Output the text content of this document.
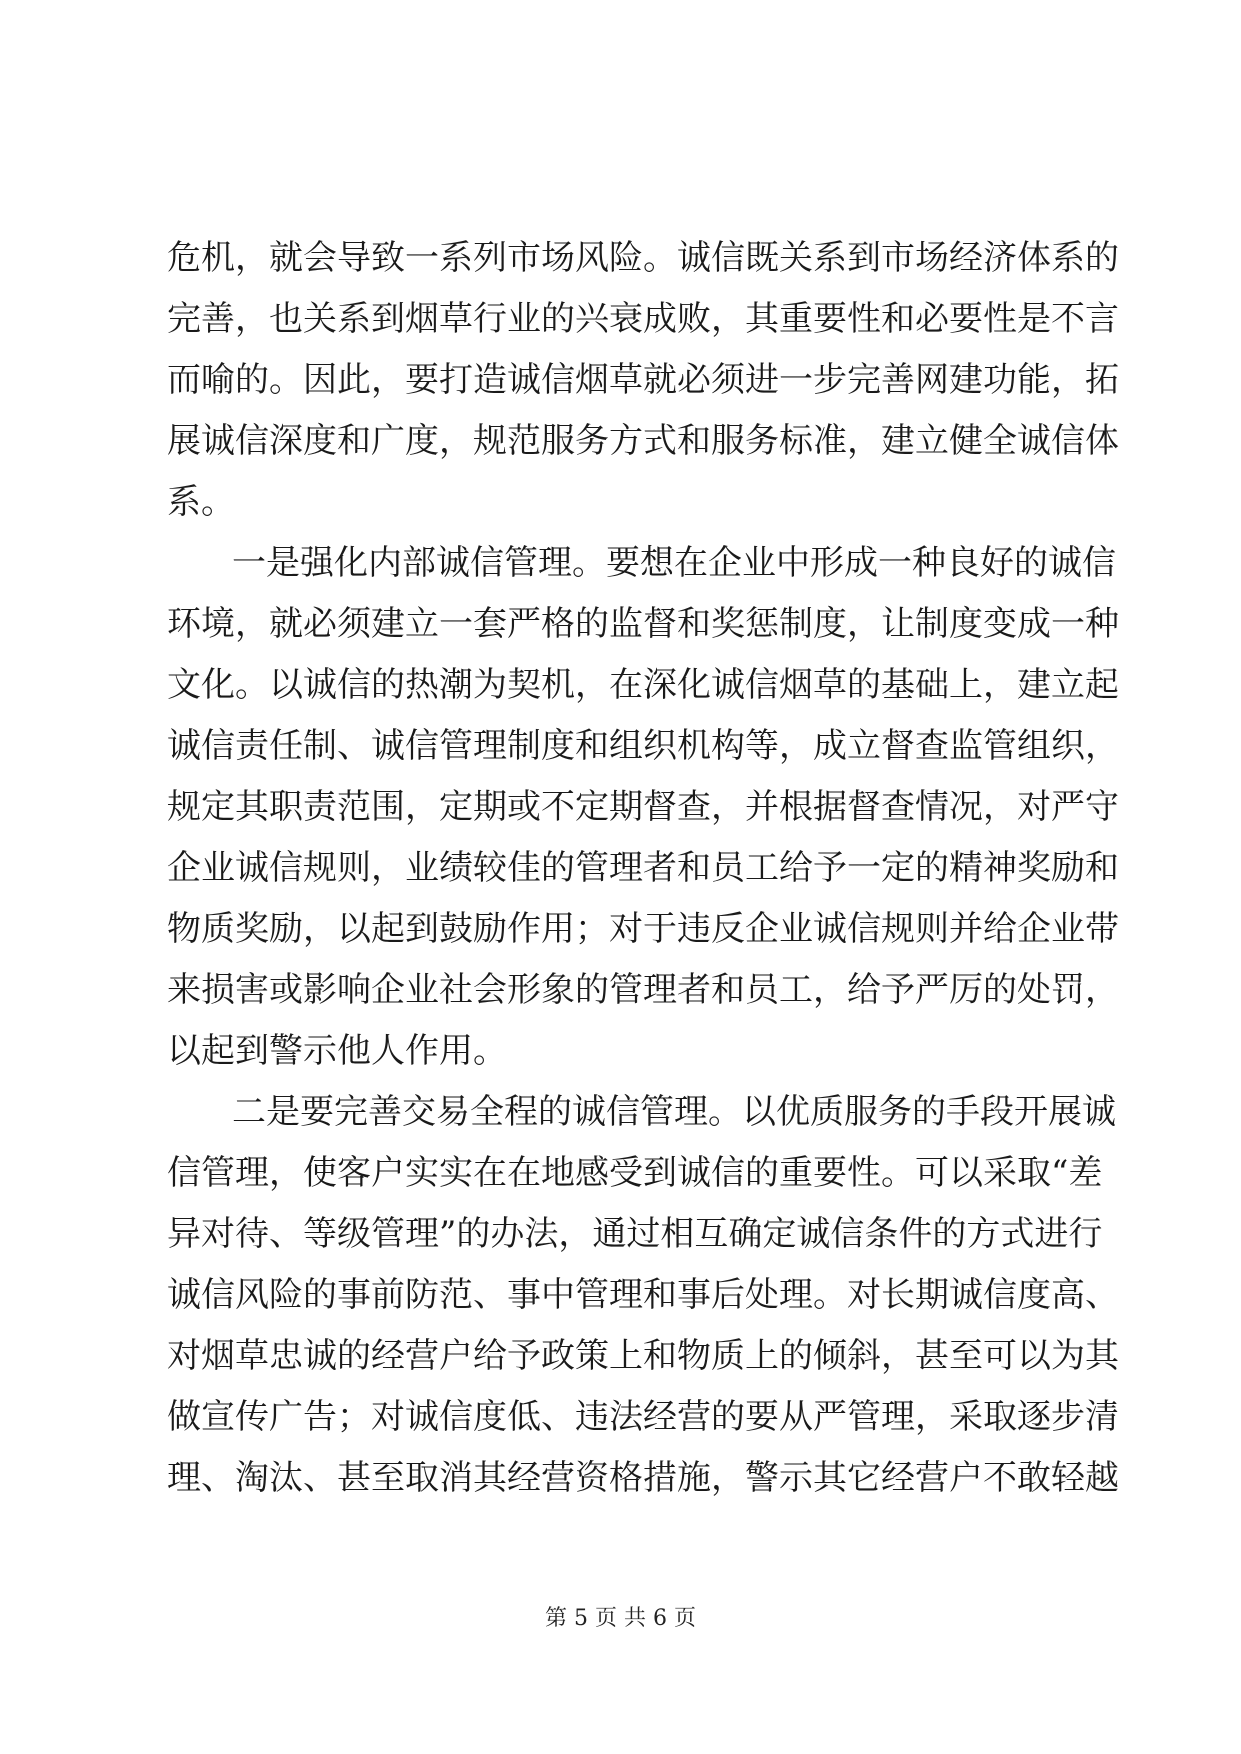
危机，就会导致一系列市场风险。诚信既关系到市场经济体系的
完善，也关系到烟草行业的兴衰成败，其重要性和必要性是不言
而喻的。因此，要打造诚信烟草就必须进一步完善网建功能，拓
展诚信深度和广度，规范服务方式和服务标准，建立健全诚信体
系。
一是强化内部诚信管理。要想在企业中形成一种良好的诚信
环境，就必须建立一套严格的监督和奖惩制度，让制度变成一种
文化。以诚信的热潮为契机，在深化诚信烟草的基础上，建立起
诚信责任制、诚信管理制度和组织机构等，成立督查监管组织，
规定其职责范围，定期或不定期督查，并根据督查情况，对严守
企业诚信规则，业绩较佳的管理者和员工给予一定的精神奖励和
物质奖励，以起到鼓励作用；对于违反企业诚信规则并给企业带
来损害或影响企业社会形象的管理者和员工，给予严厉的处罚，
以起到警示他人作用。
二是要完善交易全程的诚信管理。以优质服务的手段开展诚
信管理，使客户实实在在地感受到诚信的重要性。可以采取“差
异对待、等级管理”的办法，通过相互确定诚信条件的方式进行
诚信风险的事前防范、事中管理和事后处理。对长期诚信度高、
对烟草忠诚的经营户给予政策上和物质上的倾斜，甚至可以为其
做宣传广告；对诚信度低、违法经营的要从严管理，采取逐步清
理、淘汰、甚至取消其经营资格措施，警示其它经营户不敢轻越
第 5 页 共 6 页
